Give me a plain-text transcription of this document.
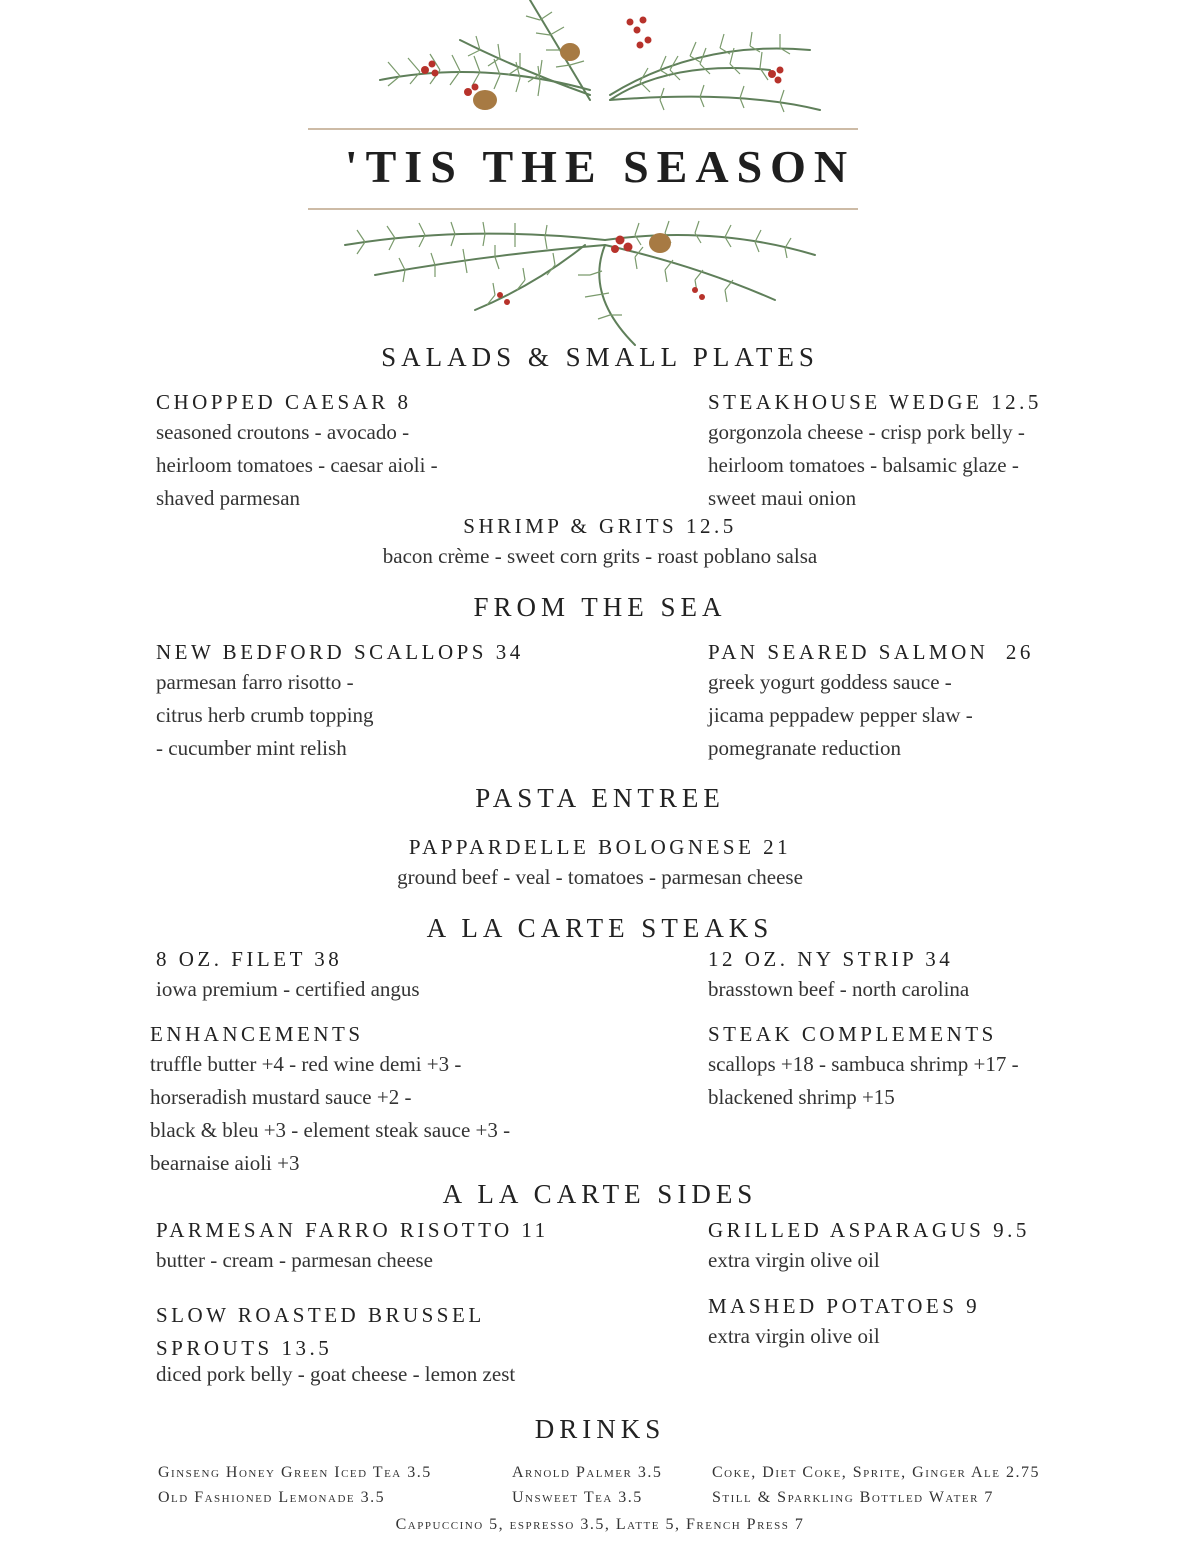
'TIS THE SEASON
SALADS & SMALL PLATES
CHOPPED CAESAR 8
seasoned croutons - avocado -
heirloom tomatoes - caesar aioli -
shaved parmesan
STEAKHOUSE WEDGE 12.5
gorgonzola cheese - crisp pork belly -
heirloom tomatoes - balsamic glaze -
sweet maui onion
SHRIMP & GRITS 12.5
bacon crème - sweet corn grits - roast poblano salsa
FROM THE SEA
NEW BEDFORD SCALLOPS 34
parmesan farro risotto -
citrus herb crumb topping
- cucumber mint relish
PAN SEARED SALMON  26
greek yogurt goddess sauce -
jicama peppadew pepper slaw -
pomegranate reduction
PASTA ENTREE
PAPPARDELLE BOLOGNESE 21
ground beef - veal - tomatoes - parmesan cheese
A LA CARTE STEAKS
8 OZ. FILET 38
iowa premium - certified angus
12 OZ. NY STRIP 34
brasstown beef - north carolina
ENHANCEMENTS
truffle butter +4 - red wine demi +3 -
horseradish mustard sauce +2 -
black & bleu +3 - element steak sauce +3 -
bearnaise aioli +3
STEAK COMPLEMENTS
scallops +18 - sambuca shrimp +17 -
blackened shrimp +15
A LA CARTE SIDES
PARMESAN FARRO RISOTTO 11
butter - cream - parmesan cheese
GRILLED ASPARAGUS 9.5
extra virgin olive oil
SLOW ROASTED BRUSSEL
SPROUTS 13.5
diced pork belly - goat cheese - lemon zest
MASHED POTATOES 9
extra virgin olive oil
DRINKS
Ginseng Honey Green Iced Tea 3.5
Old Fashioned Lemonade 3.5
Arnold Palmer 3.5
Unsweet Tea 3.5
Coke, Diet Coke, Sprite, Ginger Ale 2.75
Still & Sparkling Bottled Water 7
Cappuccino 5, espresso 3.5, Latte 5, French Press 7
